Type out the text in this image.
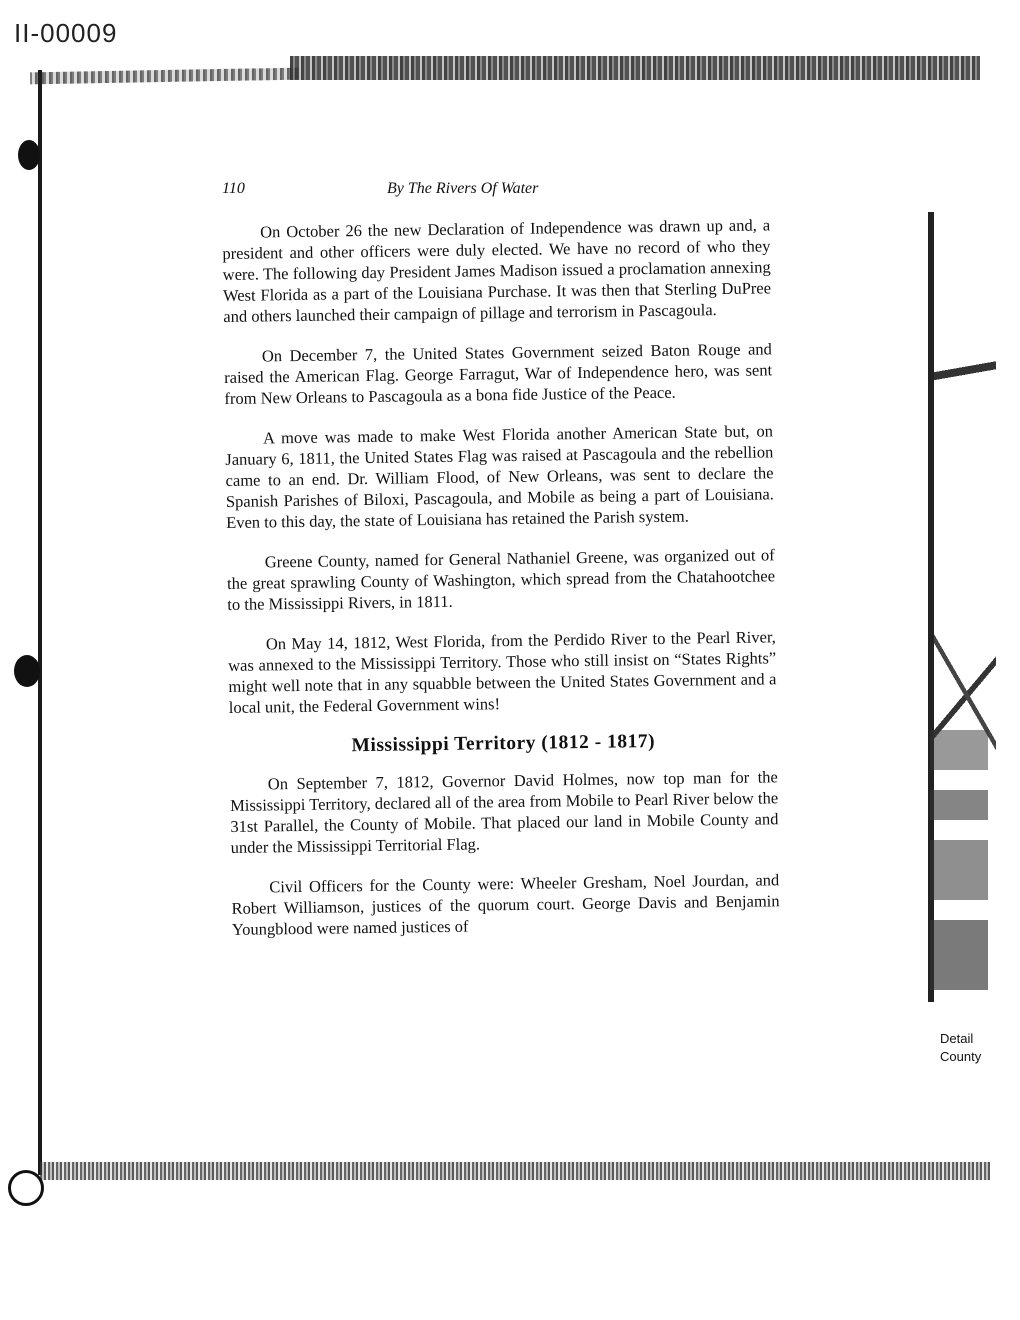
II-00009
Detail
County
110	By The Rivers Of Water

On October 26 the new Declaration of Independence was drawn up and, a president and other officers were duly elected. We have no record of who they were. The following day President James Madison issued a proclamation annexing West Florida as a part of the Louisiana Purchase. It was then that Sterling DuPree and others launched their campaign of pillage and terrorism in Pascagoula.

On December 7, the United States Government seized Baton Rouge and raised the American Flag. George Farragut, War of Independence hero, was sent from New Orleans to Pascagoula as a bona fide Justice of the Peace.

A move was made to make West Florida another American State but, on January 6, 1811, the United States Flag was raised at Pascagoula and the rebellion came to an end. Dr. William Flood, of New Orleans, was sent to declare the Spanish Parishes of Biloxi, Pascagoula, and Mobile as being a part of Louisiana. Even to this day, the state of Louisiana has retained the Parish system.

Greene County, named for General Nathaniel Greene, was organized out of the great sprawling County of Washington, which spread from the Chatahootchee to the Mississippi Rivers, in 1811.

On May 14, 1812, West Florida, from the Perdido River to the Pearl River, was annexed to the Mississippi Territory. Those who still insist on “States Rights” might well note that in any squabble between the United States Government and a local unit, the Federal Government wins!

Mississippi Territory (1812 - 1817)

On September 7, 1812, Governor David Holmes, now top man for the Mississippi Territory, declared all of the area from Mobile to Pearl River below the 31st Parallel, the County of Mobile. That placed our land in Mobile County and under the Mississippi Territorial Flag.

Civil Officers for the County were: Wheeler Gresham, Noel Jourdan, and Robert Williamson, justices of the quorum court. George Davis and Benjamin Youngblood were named justices of
